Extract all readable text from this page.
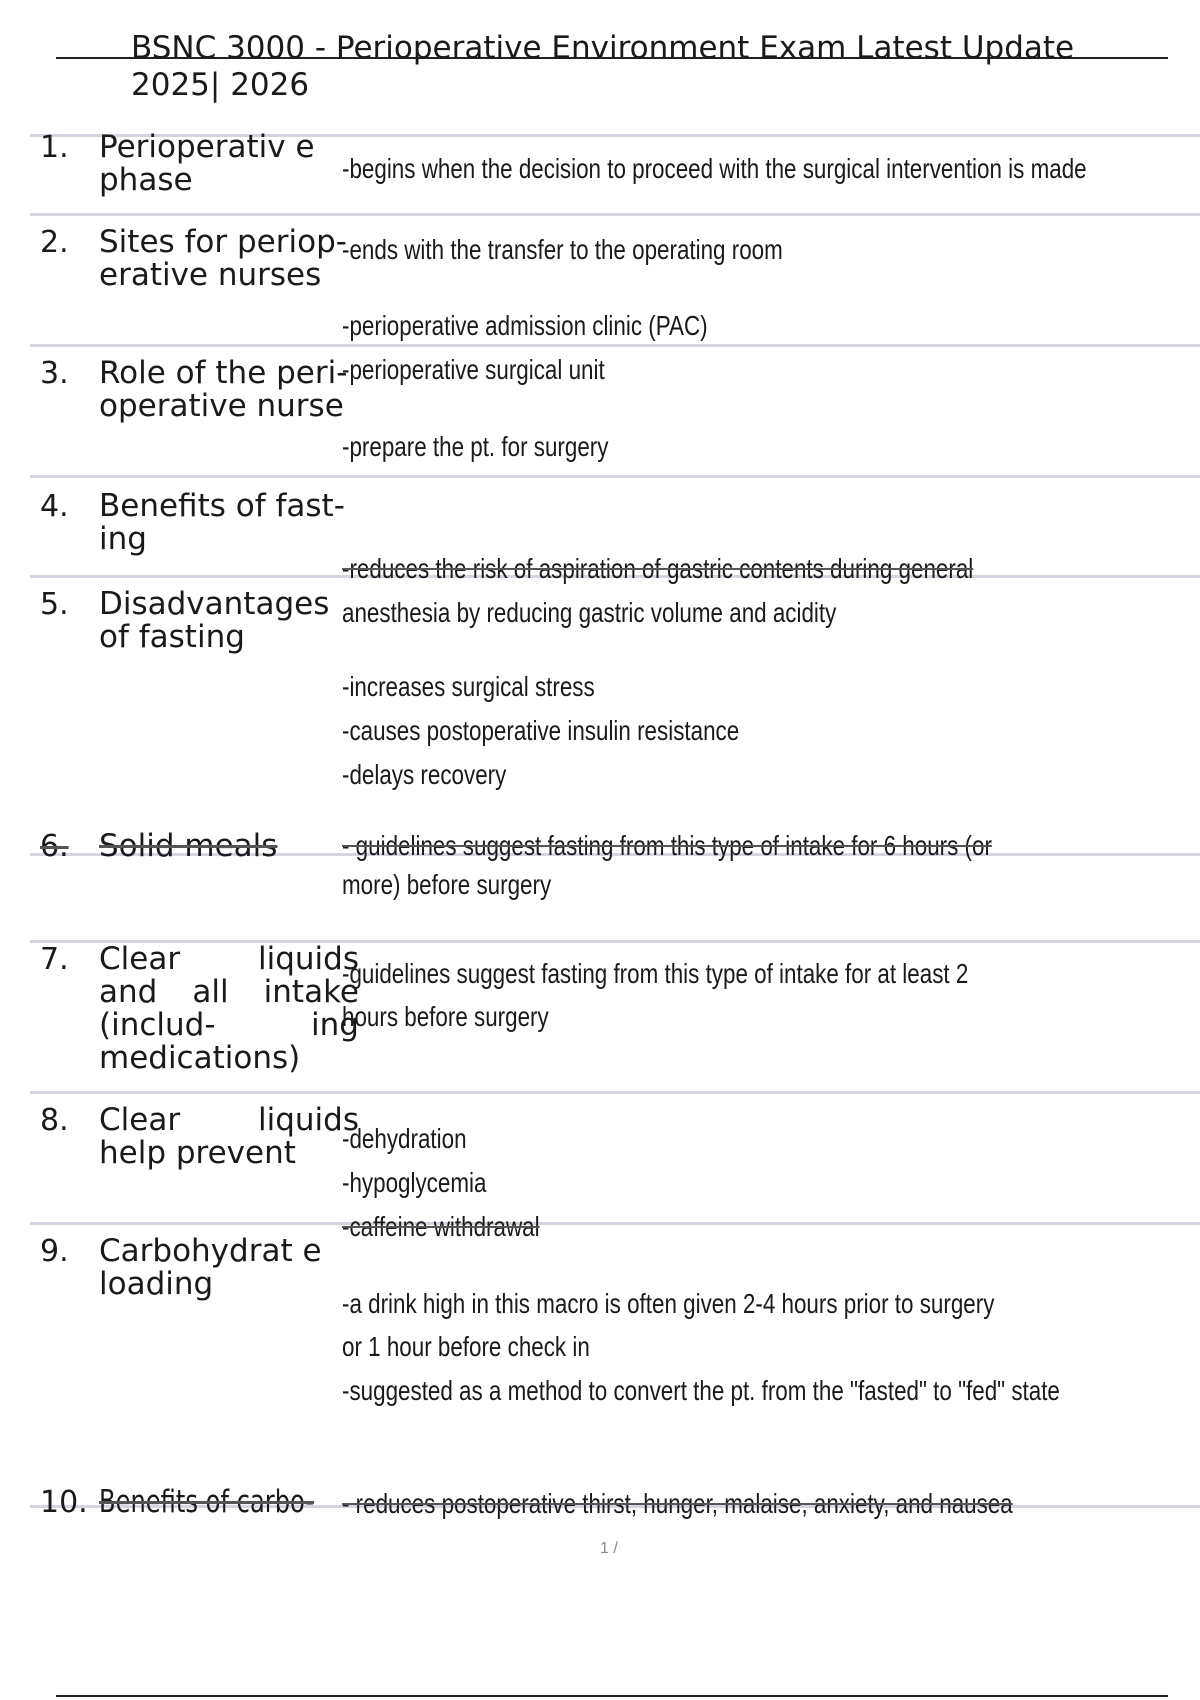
BSNC 3000 - Perioperative Environment Exam Latest Update 2025| 2026
1. Perioperativ e phase
2. Sites for periop- erative nurses
3. Role of the peri- operative nurse
4. Benefits of fast- ing
5. Disadvantages of fasting
6. Solid meals
7. Clear liquids and all intake (includ- ing medications)
8. Clear liquids help prevent
9. Carbohydrat e loading
10. Benefits of carbo-
-begins when the decision to proceed with the surgical intervention is made
-ends with the transfer to the operating room
-perioperative admission clinic (PAC)
-perioperative surgical unit
-prepare the pt. for surgery
-reduces the risk of aspiration of gastric contents during general
anesthesia by reducing gastric volume and acidity
-increases surgical stress
-causes postoperative insulin resistance
-delays recovery
- guidelines suggest fasting from this type of intake for 6 hours (or
more) before surgery
-guidelines suggest fasting from this type of intake for at least 2
hours before surgery
-dehydration
-hypoglycemia
-caffeine withdrawal
-a drink high in this macro is often given 2-4 hours prior to surgery
or 1 hour before check in
-suggested as a method to convert the pt. from the "fasted" to "fed" state
- reduces postoperative thirst, hunger, malaise, anxiety, and nausea
1 /
